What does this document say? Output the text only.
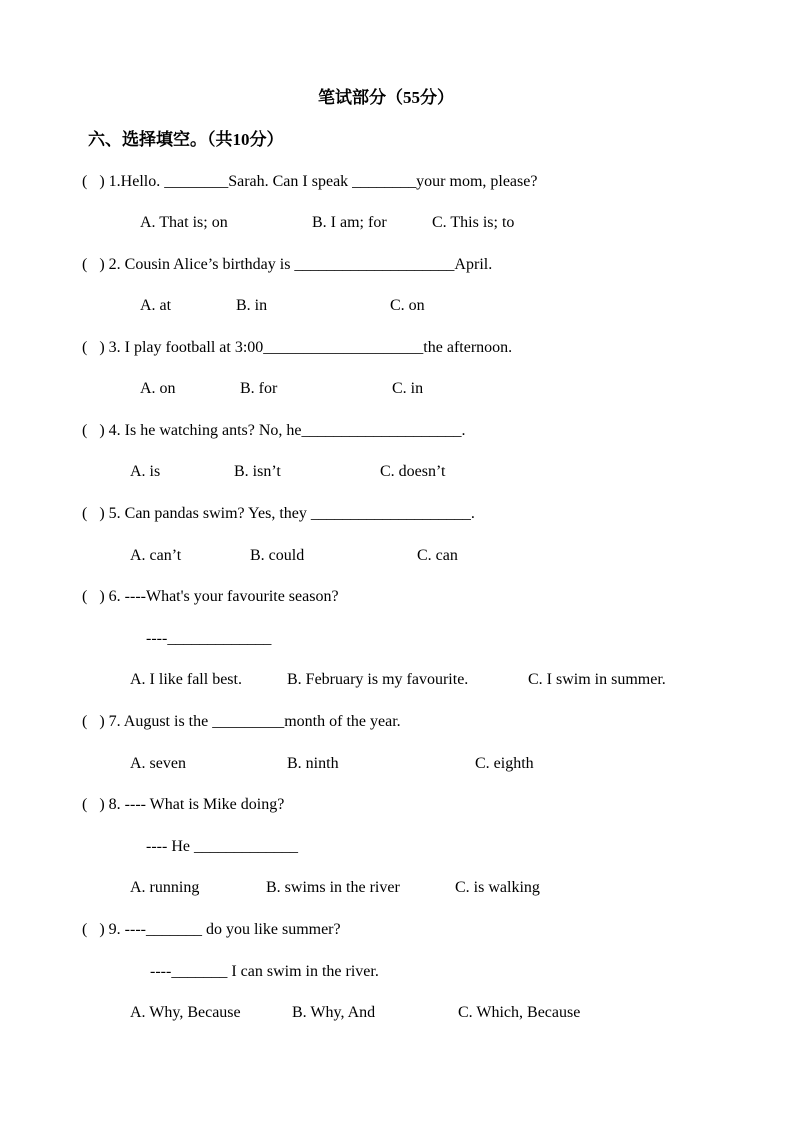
笔试部分（55分）
六、选择填空。（共10分）
(   ) 1.Hello. ________Sarah. Can I speak ________your mom, please?
A. That is; on	B. I am; for	C. This is; to
(   ) 2. Cousin Alice’s birthday is ____________________April.
A. at	B. in	C. on
(   ) 3. I play football at 3:00____________________the afternoon.
A. on	B. for	C. in
(   ) 4. Is he watching ants? No, he____________________.
A. is	B. isn’t	C. doesn’t
(   ) 5. Can pandas swim? Yes, they ____________________.
A. can’t	B. could	C. can
(   ) 6. ----What's your favourite season?
----_____________
A. I like fall best.	B. February is my favourite.	C. I swim in summer.
(   ) 7. August is the _________month of the year.
A. seven	B. ninth	C. eighth
(   ) 8. ---- What is Mike doing?
---- He _____________
A. running	B. swims in the river	C. is walking
(   ) 9. ----_______ do you like summer?
----_______ I can swim in the river.
A. Why, Because	B. Why, And	C. Which, Because
